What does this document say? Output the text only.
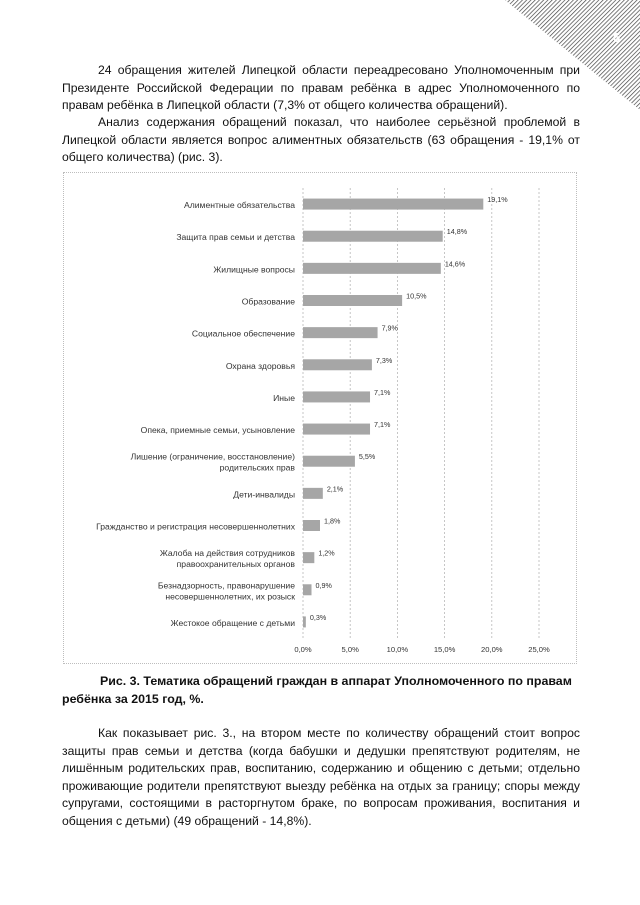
6
24 обращения жителей Липецкой области переадресовано Уполномоченным при Президенте Российской Федерации по правам ребёнка в адрес Уполномоченного по правам ребёнка в Липецкой области (7,3% от общего количества обращений).
Анализ содержания обращений показал, что наиболее серьёзной проблемой в Липецкой области является вопрос алиментных обязательств (63 обращения - 19,1% от общего количества) (рис. 3).
0,0%	5,0%	10,0%	15,0%	20,0%	25,0%
19,1%
Алиментные обязательства
14,8%
Защита прав семьи и детства
14,6%
Жилищные вопросы
10,5%
Образование
7,9%
Социальное обеспечение
7,3%
Охрана здоровья
7,1%
Иные
7,1%
Опека, приемные семьи, усыновление
5,5%
Лишение (ограничение, восстановление) родительских прав
2,1%
Дети-инвалиды
1,8%
Гражданство и регистрация несовершеннолетних
1,2%
Жалоба на действия сотрудников правоохранительных органов
0,9%
Безнадзорность, правонарушение несовершеннолетних, их розыск
0,3%
Жестокое обращение с детьми
Рис. 3. Тематика обращений граждан в аппарат Уполномоченного по правам ребёнка за 2015 год, %.
Как показывает рис. 3., на втором месте по количеству обращений стоит вопрос защиты прав семьи и детства (когда бабушки и дедушки препятствуют родителям, не лишённым родительских прав, воспитанию, содержанию и общению с детьми; отдельно проживающие родители препятствуют выезду ребёнка на отдых за границу; споры между супругами, состоящими в расторгнутом браке, по вопросам проживания, воспитания и общения с детьми) (49 обращений - 14,8%).
